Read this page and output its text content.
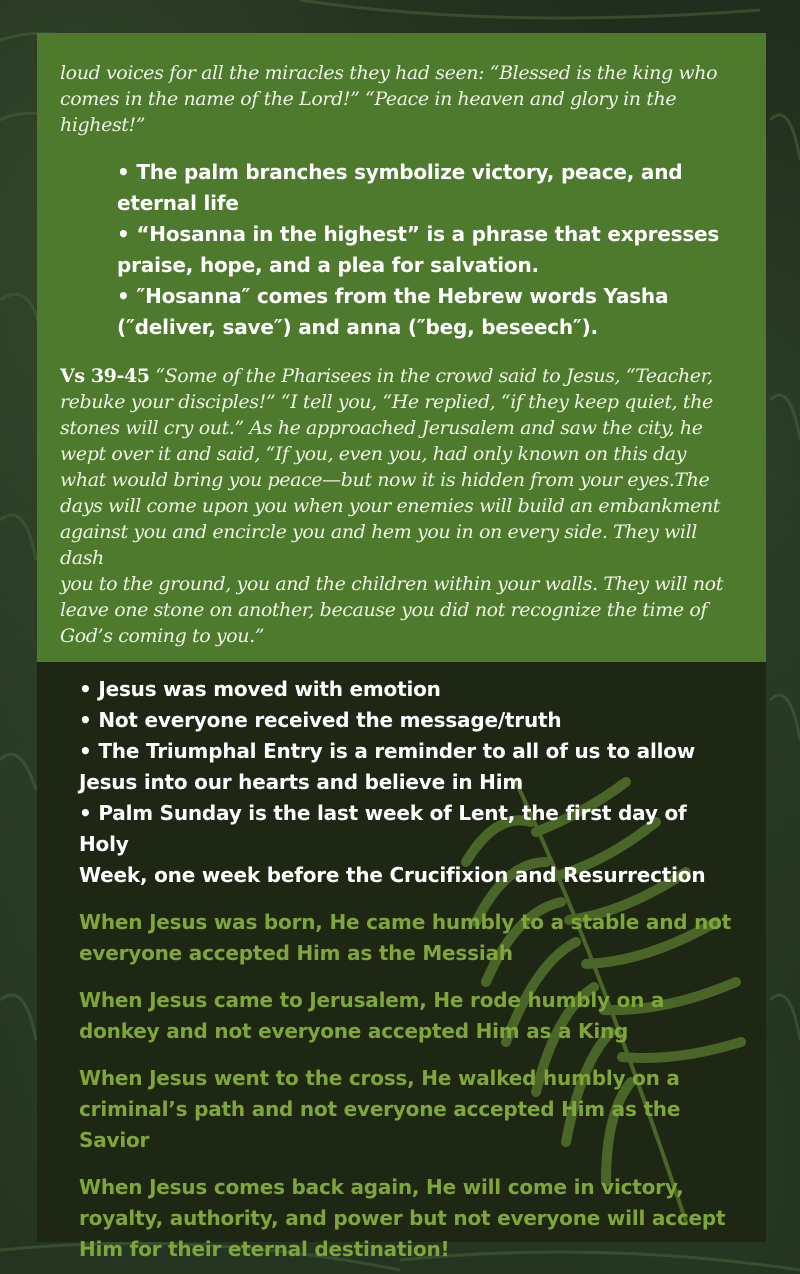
loud voices for all the miracles they had seen: “Blessed is the king who
comes in the name of the Lord!” “Peace in heaven and glory in the highest!”

• The palm branches symbolize victory, peace, and
eternal life
• “Hosanna in the highest” is a phrase that expresses
praise, hope, and a plea for salvation.
• ″Hosanna″ comes from the Hebrew words Yasha
(″deliver, save″) and anna (″beg, beseech″).

Vs 39-45 “Some of the Pharisees in the crowd said to Jesus, “Teacher,
rebuke your disciples!” “I tell you, “He replied, “if they keep quiet, the
stones will cry out.” As he approached Jerusalem and saw the city, he
wept over it and said, “If you, even you, had only known on this day
what would bring you peace—but now it is hidden from your eyes.The
days will come upon you when your enemies will build an embankment
against you and encircle you and hem you in on every side. They will dash
you to the ground, you and the children within your walls. They will not
leave one stone on another, because you did not recognize the time of
God’s coming to you.”

• Jesus was moved with emotion
• Not everyone received the message/truth
• The Triumphal Entry is a reminder to all of us to allow
Jesus into our hearts and believe in Him
• Palm Sunday is the last week of Lent, the first day of Holy
Week, one week before the Crucifixion and Resurrection

When Jesus was born, He came humbly to a stable and not
everyone accepted Him as the Messiah

When Jesus came to Jerusalem, He rode humbly on a
donkey and not everyone accepted Him as a King

When Jesus went to the cross, He walked humbly on a
criminal’s path and not everyone accepted Him as the
Savior

When Jesus comes back again, He will come in victory,
royalty, authority, and power but not everyone will accept
Him for their eternal destination!
